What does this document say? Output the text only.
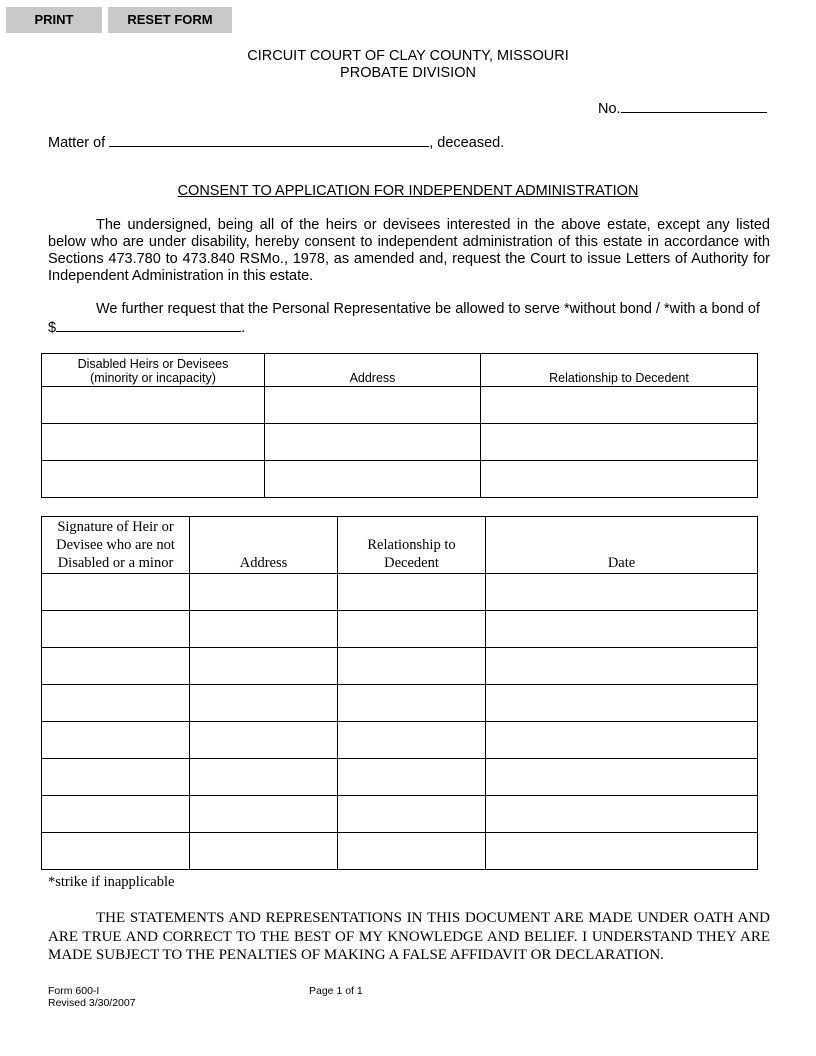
PRINT	RESET FORM
CIRCUIT COURT OF CLAY COUNTY, MISSOURI
PROBATE DIVISION
No.
Matter of	, deceased.
CONSENT TO APPLICATION FOR INDEPENDENT ADMINISTRATION
The undersigned, being all of the heirs or devisees interested in the above estate, except any listed below who are under disability, hereby consent to independent administration of this estate in accordance with Sections 473.780 to 473.840 RSMo., 1978, as amended and, request the Court to issue Letters of Authority for Independent Administration in this estate.
We further request that the Personal Representative be allowed to serve *without bond / *with a bond of
$	.
Disabled Heirs or Devisees
(minority or incapacity)	Address	Relationship to Decedent

Signature of Heir or
Devisee who are not
Disabled or a minor	Address	Relationship to
Decedent	Date

*strike if inapplicable
THE STATEMENTS AND REPRESENTATIONS IN THIS DOCUMENT ARE MADE UNDER OATH AND ARE TRUE AND CORRECT TO THE BEST OF MY KNOWLEDGE AND BELIEF. I UNDERSTAND THEY ARE MADE SUBJECT TO THE PENALTIES OF MAKING A FALSE AFFIDAVIT OR DECLARATION.
Form 600-I
Revised 3/30/2007
Page 1 of 1
